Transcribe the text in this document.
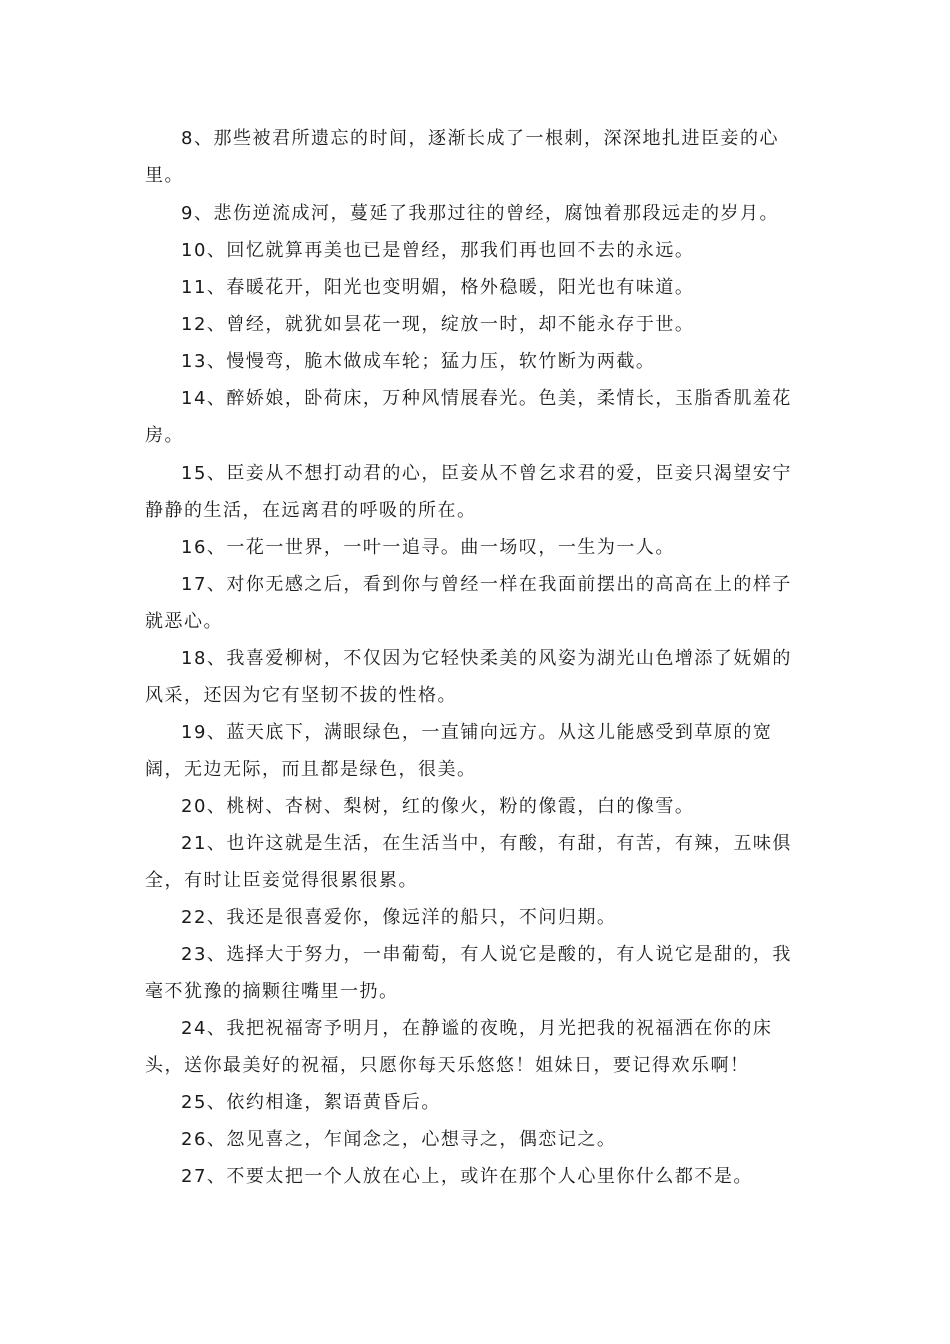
8、那些被君所遗忘的时间，逐渐长成了一根刺，深深地扎进臣妾的心里。

9、悲伤逆流成河，蔓延了我那过往的曾经，腐蚀着那段远走的岁月。

10、回忆就算再美也已是曾经，那我们再也回不去的永远。

11、春暖花开，阳光也变明媚，格外稳暖，阳光也有味道。

12、曾经，就犹如昙花一现，绽放一时，却不能永存于世。

13、慢慢弯，脆木做成车轮；猛力压，软竹断为两截。

14、醉娇娘，卧荷床，万种风情展春光。色美，柔情长，玉脂香肌羞花房。

15、臣妾从不想打动君的心，臣妾从不曾乞求君的爱，臣妾只渴望安宁静静的生活，在远离君的呼吸的所在。

16、一花一世界，一叶一追寻。曲一场叹，一生为一人。

17、对你无感之后，看到你与曾经一样在我面前摆出的高高在上的样子就恶心。

18、我喜爱柳树，不仅因为它轻快柔美的风姿为湖光山色增添了妩媚的风采，还因为它有坚韧不拔的性格。

19、蓝天底下，满眼绿色，一直铺向远方。从这儿能感受到草原的宽阔，无边无际，而且都是绿色，很美。

20、桃树、杏树、梨树，红的像火，粉的像霞，白的像雪。

21、也许这就是生活，在生活当中，有酸，有甜，有苦，有辣，五味俱全，有时让臣妾觉得很累很累。

22、我还是很喜爱你，像远洋的船只，不问归期。

23、选择大于努力，一串葡萄，有人说它是酸的，有人说它是甜的，我毫不犹豫的摘颗往嘴里一扔。

24、我把祝福寄予明月，在静谧的夜晚，月光把我的祝福洒在你的床头，送你最美好的祝福，只愿你每天乐悠悠！姐妹日，要记得欢乐啊！

25、依约相逢，絮语黄昏后。

26、忽见喜之，乍闻念之，心想寻之，偶恋记之。

27、不要太把一个人放在心上，或许在那个人心里你什么都不是。
